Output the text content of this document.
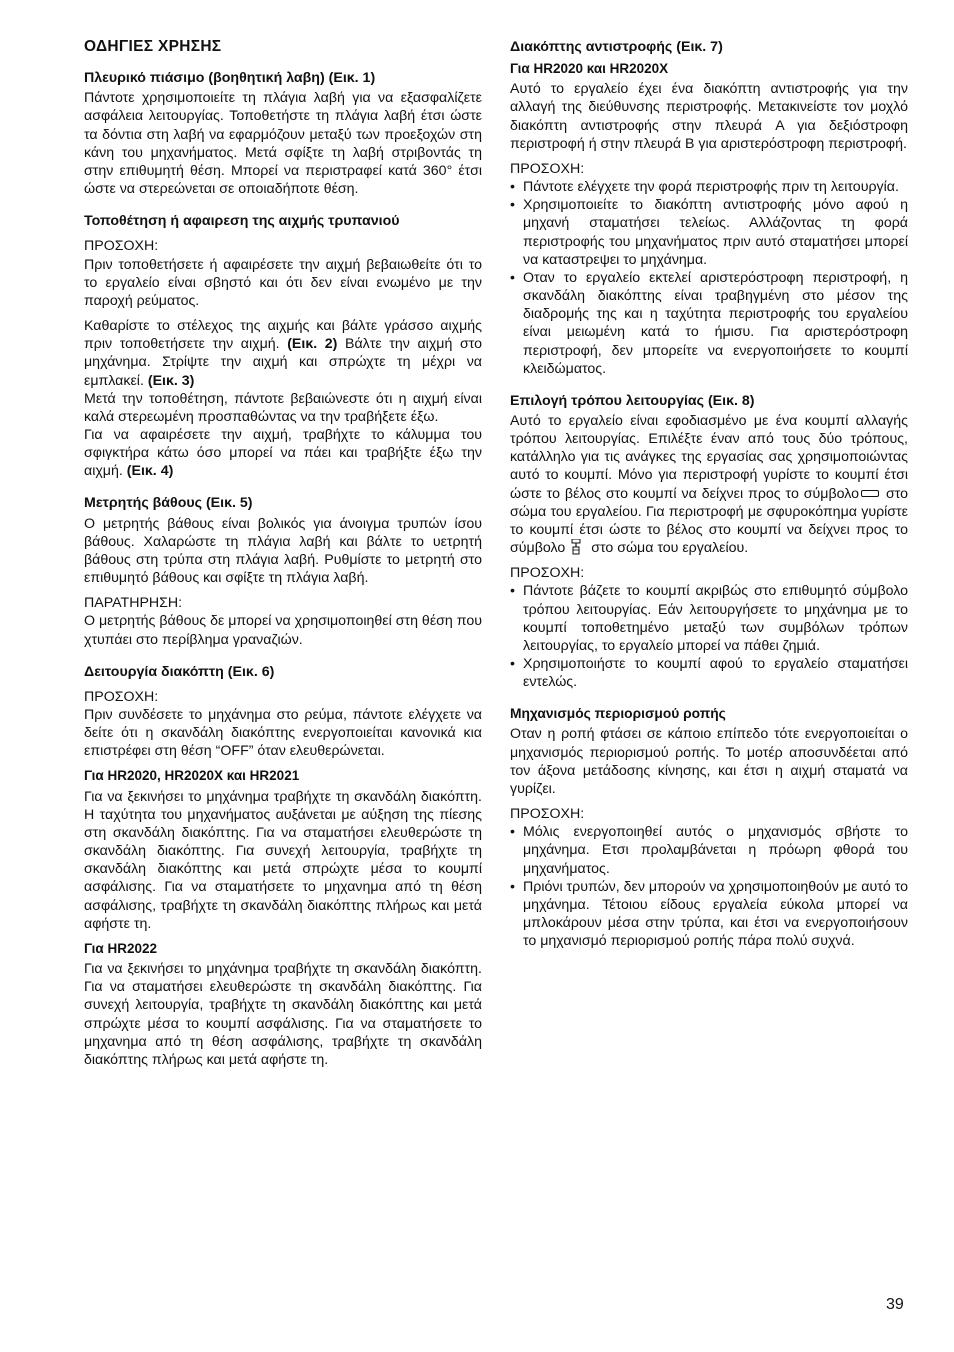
ΟΔΗΓΙΕΣ ΧΡΗΣΗΣ

Πλευρικό πιάσιμο (βοηθητική λαβη) (Εικ. 1)

Πάντοτε χρησιμοποιείτε τη πλάγια λαβή για να εξασφαλίζετε ασφάλεια λειτουργίας. Τοποθετήστε τη πλάγια λαβή έτσι ώστε τα δόντια στη λαβή να εφαρμόζουν μεταξύ των προεξοχών στη κάνη του μηχανήματος. Μετά σφίξτε τη λαβή στριβοντάς τη στην επιθυμητή θέση. Μπορεί να περιστραφεί κατά 360° έτσι ώστε να στερεώνεται σε οποιαδήποτε θέση.

Τοποθέτηση ή αφαιρεση της αιχμής τρυπανιού

ΠΡΟΣΟΧΗ:

Πριν τοποθετήσετε ή αφαιρέσετε την αιχμή βεβαιωθείτε ότι το το εργαλείο είναι σβηστό και ότι δεν είναι ενωμένο με την παροχή ρεύματος.

Καθαρίστε το στέλεχος της αιχμής και βάλτε γράσσο αιχμής πριν τοποθετήσετε την αιχμή. (Εικ. 2) Βάλτε την αιχμή στο μηχάνημα. Στρίψτε την αιχμή και σπρώχτε τη μέχρι να εμπλακεί. (Εικ. 3)

Μετά την τοποθέτηση, πάντοτε βεβαιώνεστε ότι η αιχμή είναι καλά στερεωμένη προσπαθώντας να την τραβήξετε έξω.

Για να αφαιρέσετε την αιχμή, τραβήχτε το κάλυμμα του σφιγκτήρα κάτω όσο μπορεί να πάει και τραβήξτε έξω την αιχμή. (Εικ. 4)

Μετρητής βάθους (Εικ. 5)

Ο μετρητής βάθους είναι βολικός για άνοιγμα τρυπών ίσου βάθους. Χαλαρώστε τη πλάγια λαβή και βάλτε το υετρητή βάθους στη τρύπα στη πλάγια λαβή. Ρυθμίστε το μετρητή στο επιθυμητό βάθους και σφίξτε τη πλάγια λαβή.

ΠΑΡΑΤΗΡΗΣΗ:

Ο μετρητής βάθους δε μπορεί να χρησιμοποιηθεί στη θέση που χτυπάει στο περίβλημα γραναζιών.

Δειτουργία διακόπτη (Εικ. 6)

ΠΡΟΣΟΧΗ:

Πριν συνδέσετε το μηχάνημα στο ρεύμα, πάντοτε ελέγχετε να δείτε ότι η σκανδάλη διακόπτης ενεργοποιείται κανονικά κια επιστρέφει στη θέση “OFF” όταν ελευθερώνεται.

Για HR2020, HR2020X και HR2021

Για να ξεκινήσει το μηχάνημα τραβήχτε τη σκανδάλη διακόπτη. Η ταχύτητα του μηχανήματος αυξάνεται με αύξηση της πίεσης στη σκανδάλη διακόπτης. Για να σταματήσει ελευθερώστε τη σκανδάλη διακόπτης. Για συνεχή λειτουργία, τραβήχτε τη σκανδάλη διακόπτης και μετά σπρώχτε μέσα το κουμπί ασφάλισης. Για να σταματήσετε το μηχανημα από τη θέση ασφάλισης, τραβήχτε τη σκανδάλη διακόπτης πλήρως και μετά αφήστε τη.

Για HR2022

Για να ξεκινήσει το μηχάνημα τραβήχτε τη σκανδάλη διακόπτη. Για να σταματήσει ελευθερώστε τη σκανδάλη διακόπτης. Για συνεχή λειτουργία, τραβήχτε τη σκανδάλη διακόπτης και μετά σπρώχτε μέσα το κουμπί ασφάλισης. Για να σταματήσετε το μηχανημα από τη θέση ασφάλισης, τραβήχτε τη σκανδάλη διακόπτης πλήρως και μετά αφήστε τη.

Διακόπτης αντιστροφής (Εικ. 7)

Για HR2020 και HR2020X

Αυτό το εργαλείο έχει ένα διακόπτη αντιστροφής για την αλλαγή της διεύθυνσης περιστροφής. Μετακινείστε τον μοχλό διακόπτη αντιστροφής στην πλευρά A για δεξιόστροφη περιστροφή ή στην πλευρά B για αριστερόστροφη περιστροφή.

ΠΡΟΣΟΧΗ:

• Πάντοτε ελέγχετε την φορά περιστροφής πριν τη λειτουργία.
• Χρησιμοποιείτε το διακόπτη αντιστροφής μόνο αφού η μηχανή σταματήσει τελείως. Αλλάζοντας τη φορά περιστροφής του μηχανήματος πριν αυτό σταματήσει μπορεί να καταστρεψει το μηχάνημα.
• Οταν το εργαλείο εκτελεί αριστερόστροφη περιστροφή, η σκανδάλη διακόπτης είναι τραβηγμένη στο μέσον της διαδρομής της και η ταχύτητα περιστροφής του εργαλείου είναι μειωμένη κατά το ήμισυ. Για αριστερόστροφη περιστροφή, δεν μπορείτε να ενεργοποιήσετε το κουμπί κλειδώματος.

Επιλογή τρόπου λειτουργίας (Εικ. 8)

Αυτό το εργαλείο είναι εφοδιασμένο με ένα κουμπί αλλαγής τρόπου λειτουργίας. Επιλέξτε έναν από τους δύο τρόπους, κατάλληλο για τις ανάγκες της εργασίας σας χρησιμοποιώντας αυτό το κουμπί. Μόνο για περιστροφή γυρίστε το κουμπί έτσι ώστε το βέλος στο κουμπί να δείχνει προς το σύμβολο στο σώμα του εργαλείου. Για περιστροφή με σφυροκόπημα γυρίστε το κουμπί έτσι ώστε το βέλος στο κουμπί να δείχνει προς το σύμβολο στο σώμα του εργαλείου.

ΠΡΟΣΟΧΗ:

• Πάντοτε βάζετε το κουμπί ακριβώς στο επιθυμητό σύμβολο τρόπου λειτουργίας. Εάν λειτουργήσετε το μηχάνημα με το κουμπί τοποθετημένο μεταξύ των συμβόλων τρόπων λειτουργίας, το εργαλείο μπορεί να πάθει ζημιά.
• Χρησιμοποιήστε το κουμπί αφού το εργαλείο σταματήσει εντελώς.

Μηχανισμός περιορισμού ροπής

Οταν η ροπή φτάσει σε κάποιο επίπεδο τότε ενεργοποιείται ο μηχανισμός περιορισμού ροπής. Το μοτέρ αποσυνδέεται από τον άξονα μετάδοσης κίνησης, και έτσι η αιχμή σταματά να γυρίζει.

ΠΡΟΣΟΧΗ:

• Μόλις ενεργοποιηθεί αυτός ο μηχανισμός σβήστε το μηχάνημα. Ετσι προλαμβάνεται η πρόωρη φθορά του μηχανήματος.
• Πριόνι τρυπών, δεν μπορούν να χρησιμοποιηθούν με αυτό το μηχάνημα. Τέτοιου είδους εργαλεία εύκολα μπορεί να μπλοκάρουν μέσα στην τρύπα, και έτσι να ενεργοποιήσουν το μηχανισμό περιορισμού ροπής πάρα πολύ συχνά.
39
